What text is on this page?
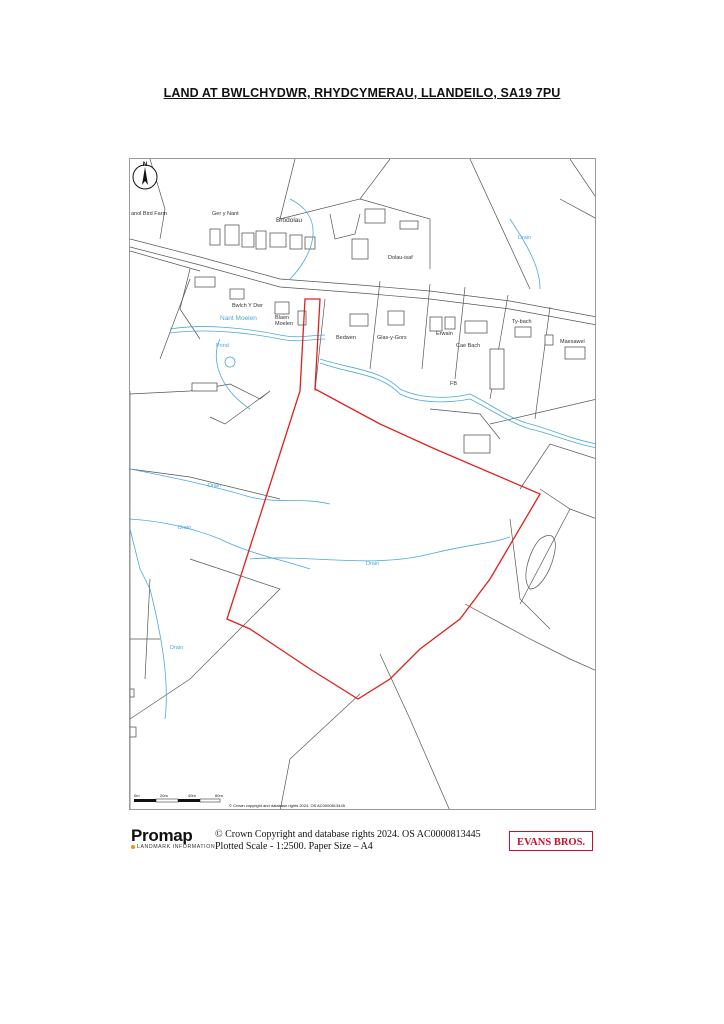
LAND AT BWLCHYDWR, RHYDCYMERAU, LLANDEILO, SA19 7PU
N
anol Bird Farm	Ger y Nant
Brodolau
Dolau-isaf
Bwlch Y Dwr
Blaen Moelen
Nant Moelen
Pond
Bedwen	Glas-y-Gors
Erwain
Cae Bach
Ty-bach
Maesawel
FB
Drain
Drain
Drain
Drain
Drain
0m	20m	40m	60m
© Crown copyright and database rights 2024. OS AC0000813445
Promap
LANDMARK INFORMATION
© Crown Copyright and database rights 2024. OS AC0000813445
Plotted Scale - 1:2500. Paper Size – A4	EVANS BROS.
